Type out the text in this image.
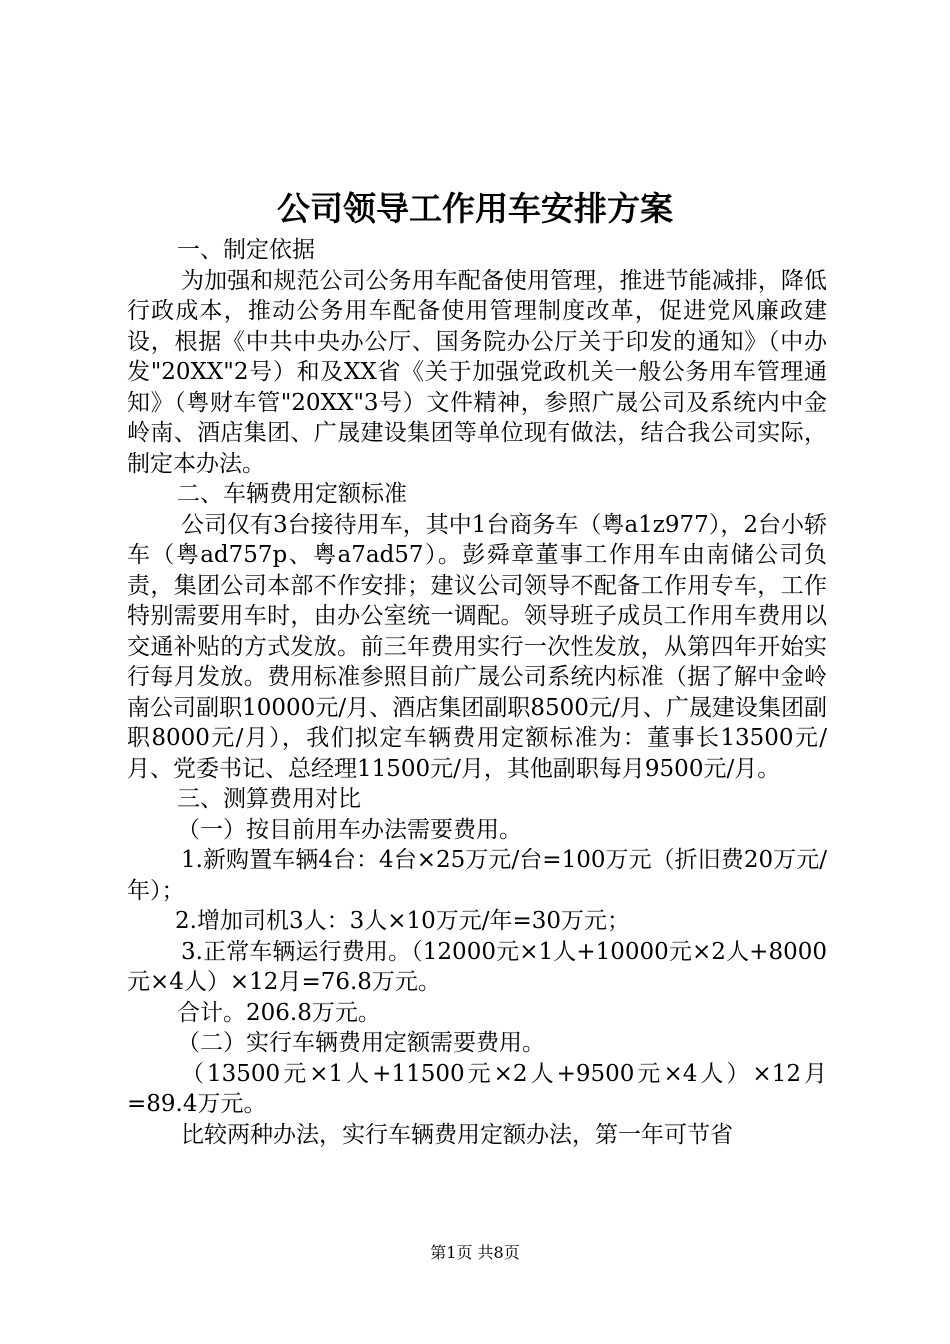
公司领导工作用车安排方案

一、制定依据

为加强和规范公司公务用车配备使用管理，推进节能减排，降低行政成本，推动公务用车配备使用管理制度改革，促进党风廉政建设，根据《中共中央办公厅、国务院办公厅关于印发的通知》（中办发"20XX"2号）和及XX省《关于加强党政机关一般公务用车管理通知》（粤财车管"20XX"3号）文件精神，参照广晟公司及系统内中金岭南、酒店集团、广晟建设集团等单位现有做法，结合我公司实际，制定本办法。

二、车辆费用定额标准

公司仅有3台接待用车，其中1台商务车（粤a1z977），2台小轿车（粤ad757p、粤a7ad57）。彭舜章董事工作用车由南储公司负责，集团公司本部不作安排；建议公司领导不配备工作用专车，工作特别需要用车时，由办公室统一调配。领导班子成员工作用车费用以交通补贴的方式发放。前三年费用实行一次性发放，从第四年开始实行每月发放。费用标准参照目前广晟公司系统内标准（据了解中金岭南公司副职10000元/月、酒店集团副职8500元/月、广晟建设集团副职8000元/月），我们拟定车辆费用定额标准为：董事长13500元/月、党委书记、总经理11500元/月，其他副职每月9500元/月。

三、测算费用对比

（一）按目前用车办法需要费用。

1.新购置车辆4台：4台×25万元/台=100万元（折旧费20万元/年）；

2.增加司机3人：3人×10万元/年=30万元；

3.正常车辆运行费用。（12000元×1人+10000元×2人+8000元×4人）×12月=76.8万元。

合计。206.8万元。

（二）实行车辆费用定额需要费用。

（13500元×1人+11500元×2人+9500元×4人）×12月=89.4万元。

比较两种办法，实行车辆费用定额办法，第一年可节省

第1页 共8页
